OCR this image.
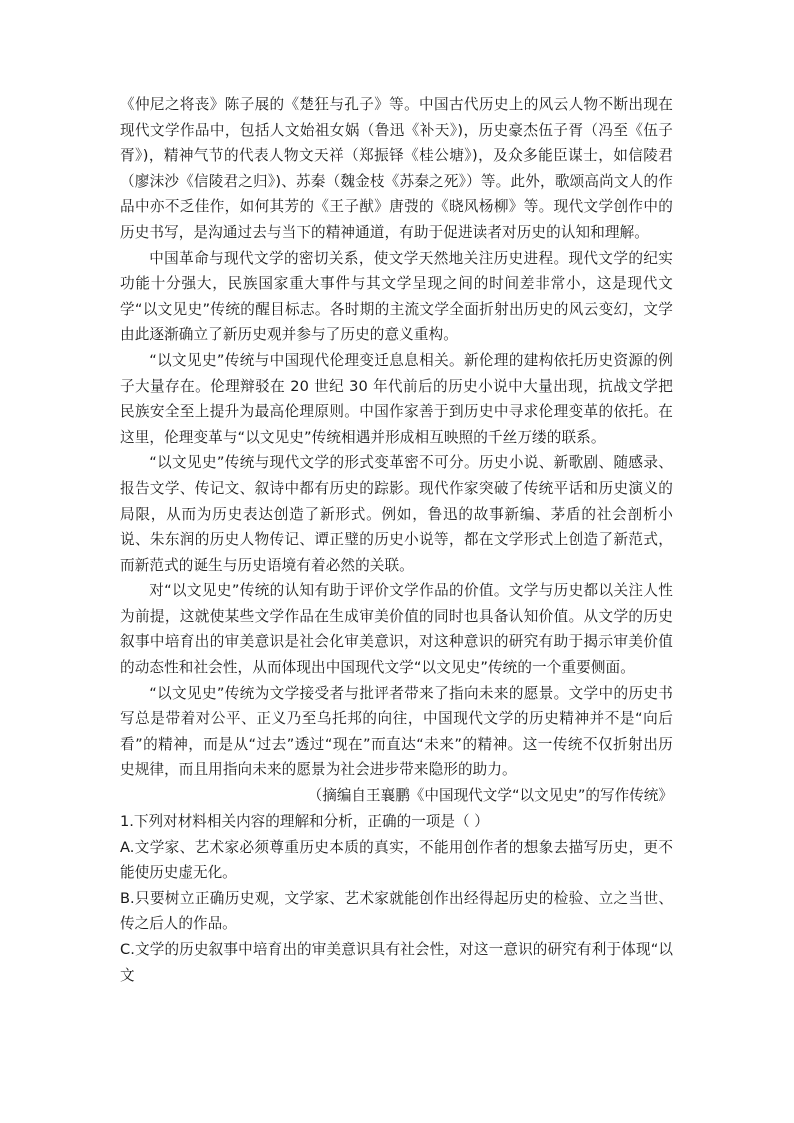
《仲尼之将丧》陈子展的《楚狂与孔子》等。中国古代历史上的风云人物不断出现在现代文学作品中，包括人文始祖女娲（鲁迅《补天》)，历史豪杰伍子胥（冯至《伍子胥》)，精神气节的代表人物文天祥（郑振铎《桂公塘》)，及众多能臣谋士，如信陵君（廖沫沙《信陵君之归》)、苏秦（魏金枝《苏秦之死》）等。此外，歌颂高尚文人的作品中亦不乏佳作，如何其芳的《王子猷》唐弢的《晓风杨柳》等。现代文学创作中的历史书写，是沟通过去与当下的精神通道，有助于促进读者对历史的认知和理解。

中国革命与现代文学的密切关系，使文学天然地关注历史进程。现代文学的纪实功能十分强大，民族国家重大事件与其文学呈现之间的时间差非常小，这是现代文学“以文见史”传统的醒目标志。各时期的主流文学全面折射出历史的风云变幻，文学由此逐渐确立了新历史观并参与了历史的意义重构。

“以文见史”传统与中国现代伦理变迁息息相关。新伦理的建构依托历史资源的例子大量存在。伦理辩驳在 20 世纪 30 年代前后的历史小说中大量出现，抗战文学把民族安全至上提升为最高伦理原则。中国作家善于到历史中寻求伦理变革的依托。在这里，伦理变革与“以文见史”传统相遇并形成相互映照的千丝万缕的联系。

“以文见史”传统与现代文学的形式变革密不可分。历史小说、新歌剧、随感录、报告文学、传记文、叙诗中都有历史的踪影。现代作家突破了传统平话和历史演义的局限，从而为历史表达创造了新形式。例如，鲁迅的故事新编、茅盾的社会剖析小说、朱东润的历史人物传记、谭正璧的历史小说等，都在文学形式上创造了新范式，而新范式的诞生与历史语境有着必然的关联。

对“以文见史”传统的认知有助于评价文学作品的价值。文学与历史都以关注人性为前提，这就使某些文学作品在生成审美价值的同时也具备认知价值。从文学的历史叙事中培育出的审美意识是社会化审美意识，对这种意识的研究有助于揭示审美价值的动态性和社会性，从而体现出中国现代文学“以文见史”传统的一个重要侧面。

“以文见史”传统为文学接受者与批评者带来了指向未来的愿景。文学中的历史书写总是带着对公平、正义乃至乌托邦的向往，中国现代文学的历史精神并不是“向后看”的精神，而是从“过去”透过“现在”而直达“未来”的精神。这一传统不仅折射出历史规律，而且用指向未来的愿景为社会进步带来隐形的助力。

（摘编自王襄鹏《中国现代文学“以文见史”的写作传统》

1.下列对材料相关内容的理解和分析，正确的一项是（ ）

A.文学家、艺术家必须尊重历史本质的真实，不能用创作者的想象去描写历史，更不能使历史虚无化。

B.只要树立正确历史观，文学家、艺术家就能创作出经得起历史的检验、立之当世、传之后人的作品。

C.文学的历史叙事中培育出的审美意识具有社会性，对这一意识的研究有利于体现“以文
